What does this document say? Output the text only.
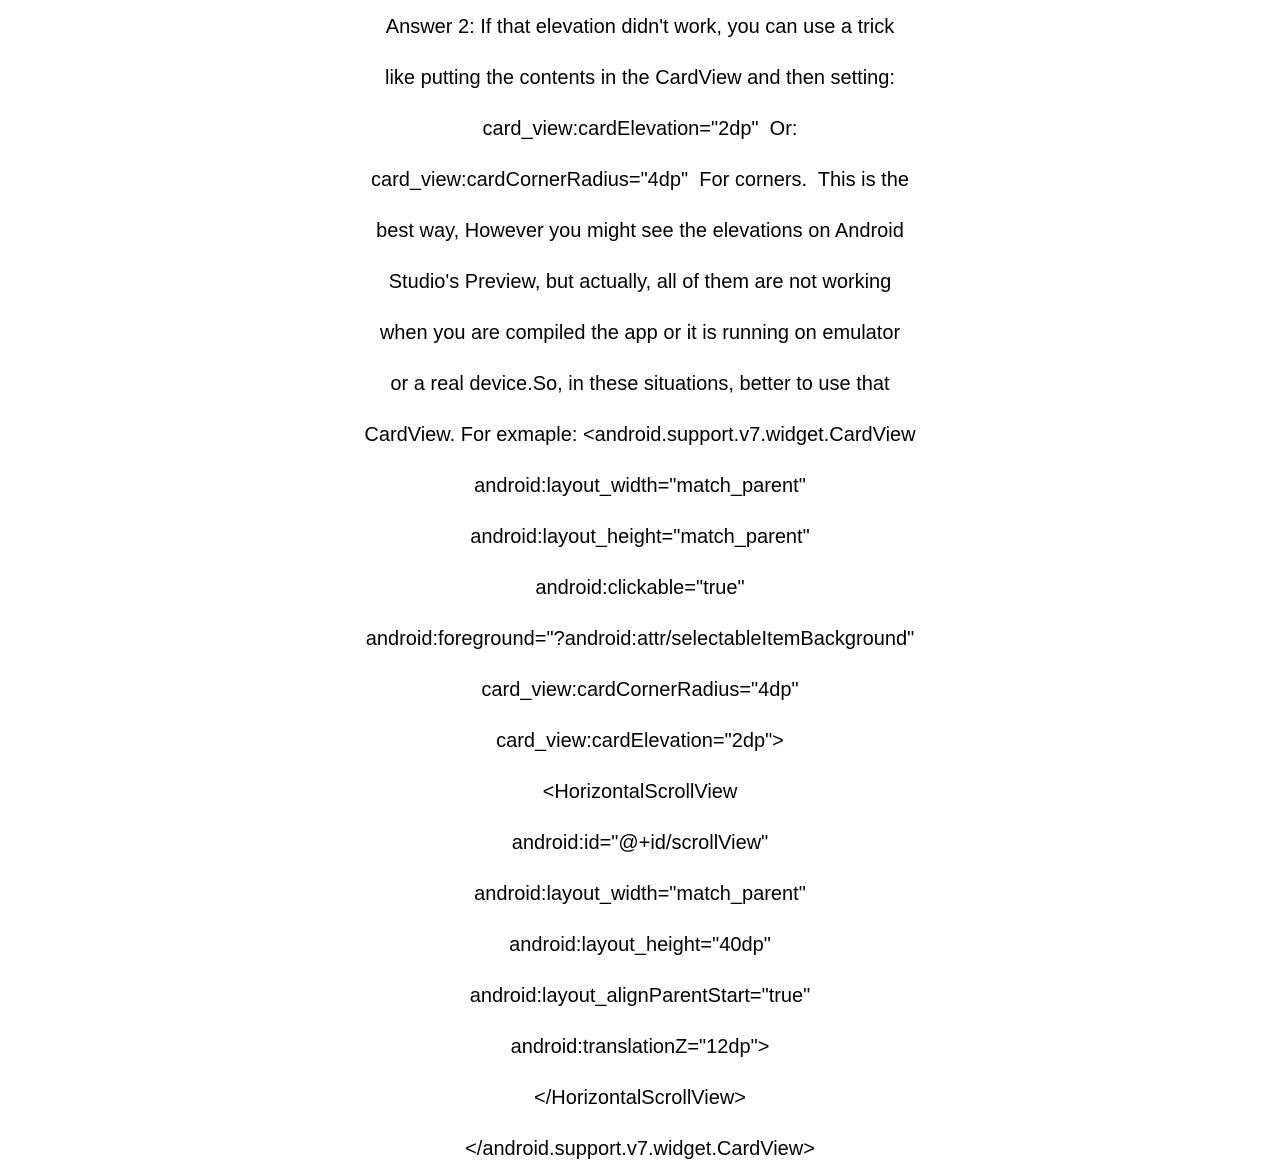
Answer 2: If that elevation didn't work, you can use a trick
like putting the contents in the CardView and then setting:
card_view:cardElevation="2dp"  Or:
card_view:cardCornerRadius="4dp"  For corners.  This is the
best way, However you might see the elevations on Android
Studio's Preview, but actually, all of them are not working
when you are compiled the app or it is running on emulator
or a real device.So, in these situations, better to use that
CardView. For exmaple: <android.support.v7.widget.CardView
android:layout_width="match_parent"
android:layout_height="match_parent"
android:clickable="true"
android:foreground="?android:attr/selectableItemBackground"
card_view:cardCornerRadius="4dp"
card_view:cardElevation="2dp">
<HorizontalScrollView
android:id="@+id/scrollView"
android:layout_width="match_parent"
android:layout_height="40dp"
android:layout_alignParentStart="true"
android:translationZ="12dp">
</HorizontalScrollView>
</android.support.v7.widget.CardView>
